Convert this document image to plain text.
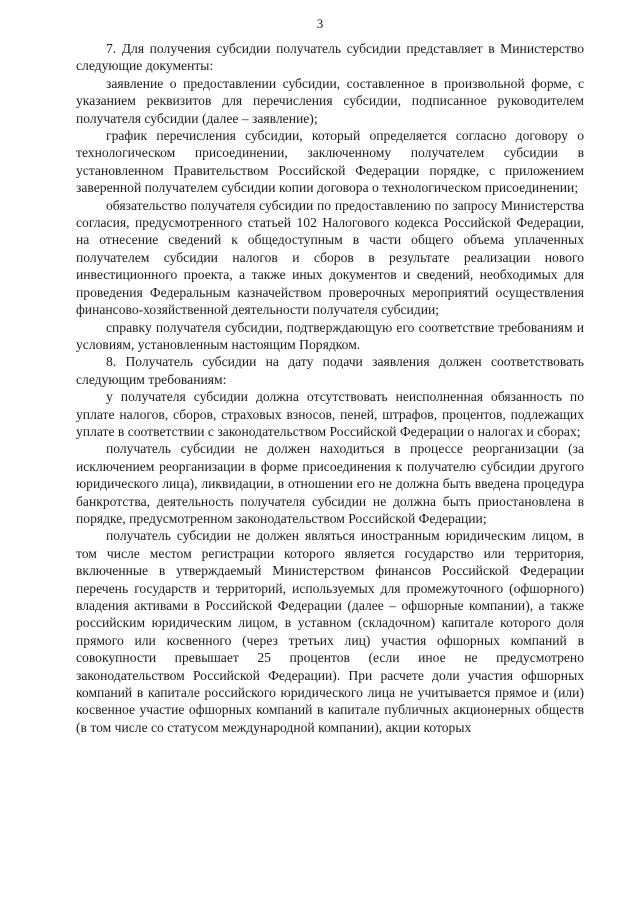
3

7. Для получения субсидии получатель субсидии представляет в Министерство следующие документы:

заявление о предоставлении субсидии, составленное в произвольной форме, с указанием реквизитов для перечисления субсидии, подписанное руководителем получателя субсидии (далее – заявление);

график перечисления субсидии, который определяется согласно договору о технологическом присоединении, заключенному получателем субсидии в установленном Правительством Российской Федерации порядке, с приложением заверенной получателем субсидии копии договора о технологическом присоединении;

обязательство получателя субсидии по предоставлению по запросу Министерства согласия, предусмотренного статьей 102 Налогового кодекса Российской Федерации, на отнесение сведений к общедоступным в части общего объема уплаченных получателем субсидии налогов и сборов в результате реализации нового инвестиционного проекта, а также иных документов и сведений, необходимых для проведения Федеральным казначейством проверочных мероприятий осуществления финансово-хозяйственной деятельности получателя субсидии;

справку получателя субсидии, подтверждающую его соответствие требованиям и условиям, установленным настоящим Порядком.

8. Получатель субсидии на дату подачи заявления должен соответствовать следующим требованиям:

у получателя субсидии должна отсутствовать неисполненная обязанность по уплате налогов, сборов, страховых взносов, пеней, штрафов, процентов, подлежащих уплате в соответствии с законодательством Российской Федерации о налогах и сборах;

получатель субсидии не должен находиться в процессе реорганизации (за исключением реорганизации в форме присоединения к получателю субсидии другого юридического лица), ликвидации, в отношении его не должна быть введена процедура банкротства, деятельность получателя субсидии не должна быть приостановлена в порядке, предусмотренном законодательством Российской Федерации;

получатель субсидии не должен являться иностранным юридическим лицом, в том числе местом регистрации которого является государство или территория, включенные в утверждаемый Министерством финансов Российской Федерации перечень государств и территорий, используемых для промежуточного (офшорного) владения активами в Российской Федерации (далее – офшорные компании), а также российским юридическим лицом, в уставном (складочном) капитале которого доля прямого или косвенного (через третьих лиц) участия офшорных компаний в совокупности превышает 25 процентов (если иное не предусмотрено законодательством Российской Федерации). При расчете доли участия офшорных компаний в капитале российского юридического лица не учитывается прямое и (или) косвенное участие офшорных компаний в капитале публичных акционерных обществ (в том числе со статусом международной компании), акции которых
